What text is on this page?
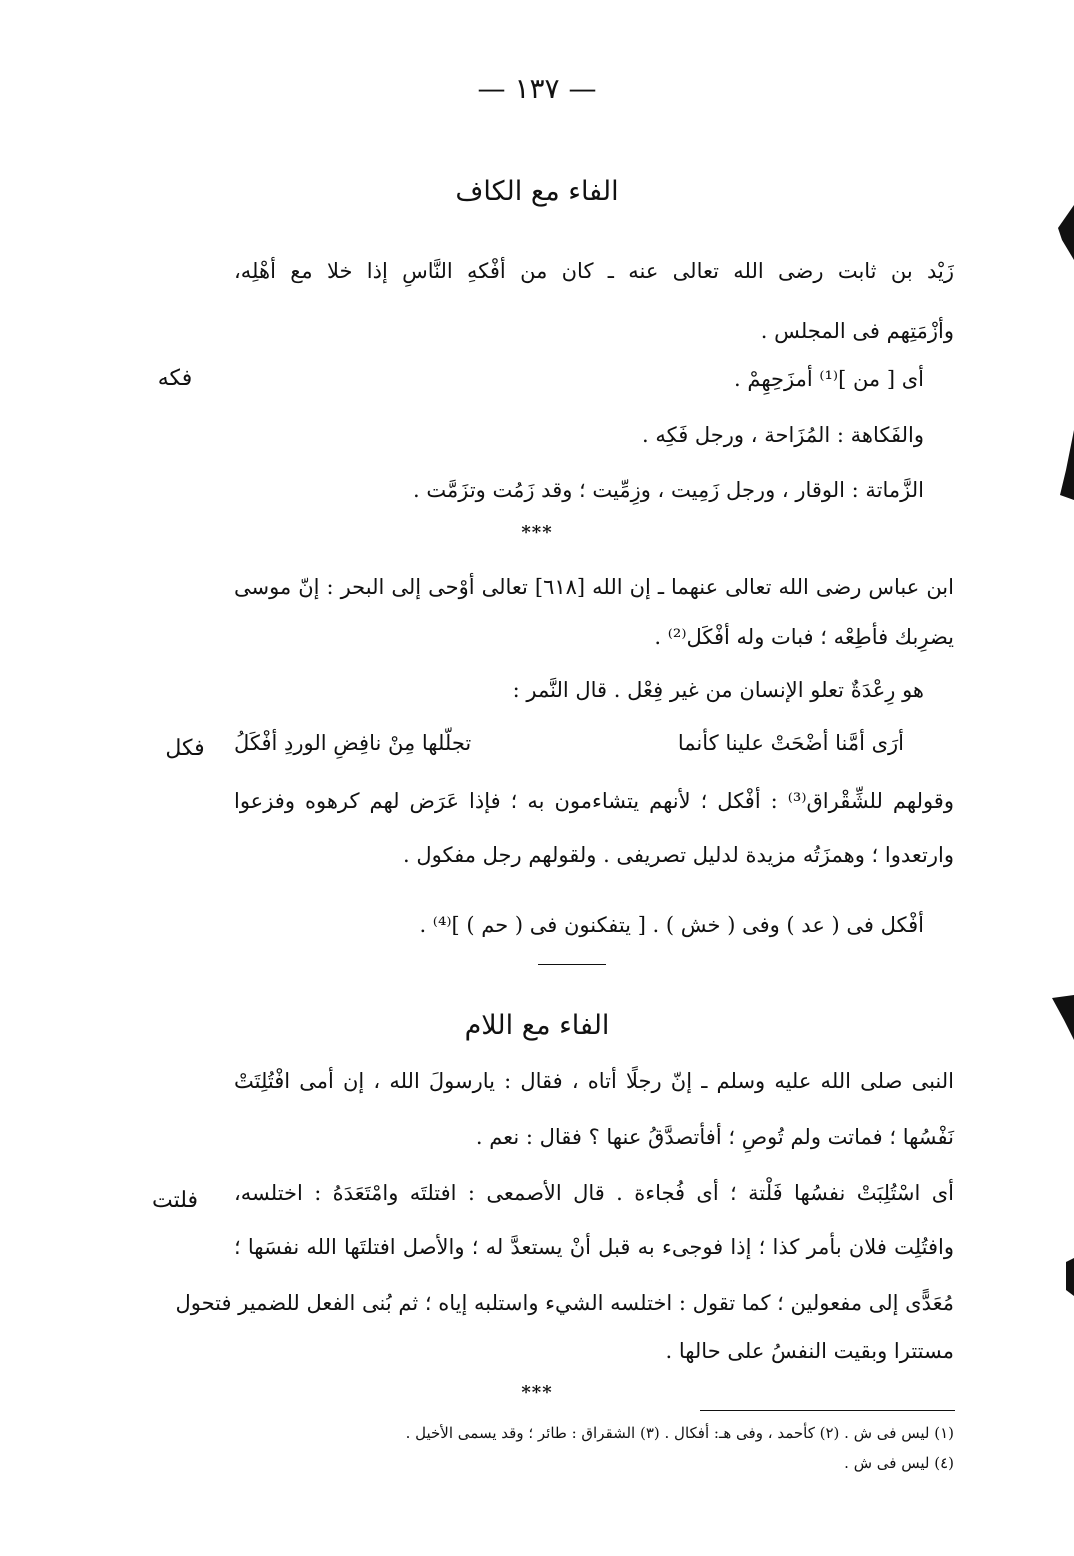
— ١٣٧ —
الفاء مع الكاف
زَيْد بن ثابت رضى الله تعالى عنه ـ كان من أفْكهِ النَّاسِ إذا خلا مع أهْلِه،
وأزْمَتِهم فى المجلس .
أى [ من ]⁽¹⁾ أمزَحِهِمْ .
فكه
والفَكاهة : المُزَاحة ، ورجل فَكِه .
الزَّماتة : الوقار ، ورجل زَمِيت ، وزِمِّيت ؛ وقد زَمُت وتزَمَّت .
***
ابن عباس رضى الله تعالى عنهما ـ إن الله [٦١٨] تعالى أوْحى إلى البحر : إنّ موسى
يضرِبك فأطِعْه ؛ فبات وله أفْكَل⁽²⁾ .
هو رِعْدَةٌ تعلو الإنسان من غير فِعْل . قال النَّمر :
أرَى أمَّنا أضْحَتْ علينا كأنما
تجلّلها مِنْ نافِضِ الوردِ أفْكَلُ
فكل
وقولهم للشِّقْراق⁽³⁾ : أفْكل ؛ لأنهم يتشاءمون به ؛ فإذا عَرَض لهم كرهوه وفزعوا
وارتعدوا ؛ وهمزَتُه مزيدة لدليل تصريفى . ولقولهم رجل مفكول .
أفْكل فى ( عد ) وفى ( خش ) . [ يتفكنون فى ( حم ) ]⁽⁴⁾ .
الفاء مع اللام
النبى صلى الله عليه وسلم ـ إنّ رجلًا أتاه ، فقال : يارسولَ الله ، إن أمى افْتُلِتَتْ
نَفْسُها ؛ فماتت ولم تُوصِ ؛ أفأتصدَّقُ عنها ؟ فقال : نعم .
أى اسْتُلِبَتْ نفسُها فَلْتة ؛ أى فُجاءة . قال الأصمعى : افتلتَه وامْتَعَدَهُ : اختلسه،
فلتت
وافتُلِت فلان بأمر كذا ؛ إذا فوجىء به قبل أنْ يستعدَّ له ؛ والأصل افتلتَها الله نفسَها ؛
مُعَدًّى إلى مفعولين ؛ كما تقول : اختلسه الشيء واستلبه إياه ؛ ثم بُنى الفعل للضمير فتحول
مستترا وبقيت النفسُ على حالها .
***
(١) ليس فى ش . (٢) كأحمد ، وفى هـ: أفكال . (٣) الشقراق : طائر ؛ وقد يسمى الأخيل .
(٤) ليس فى ش .
